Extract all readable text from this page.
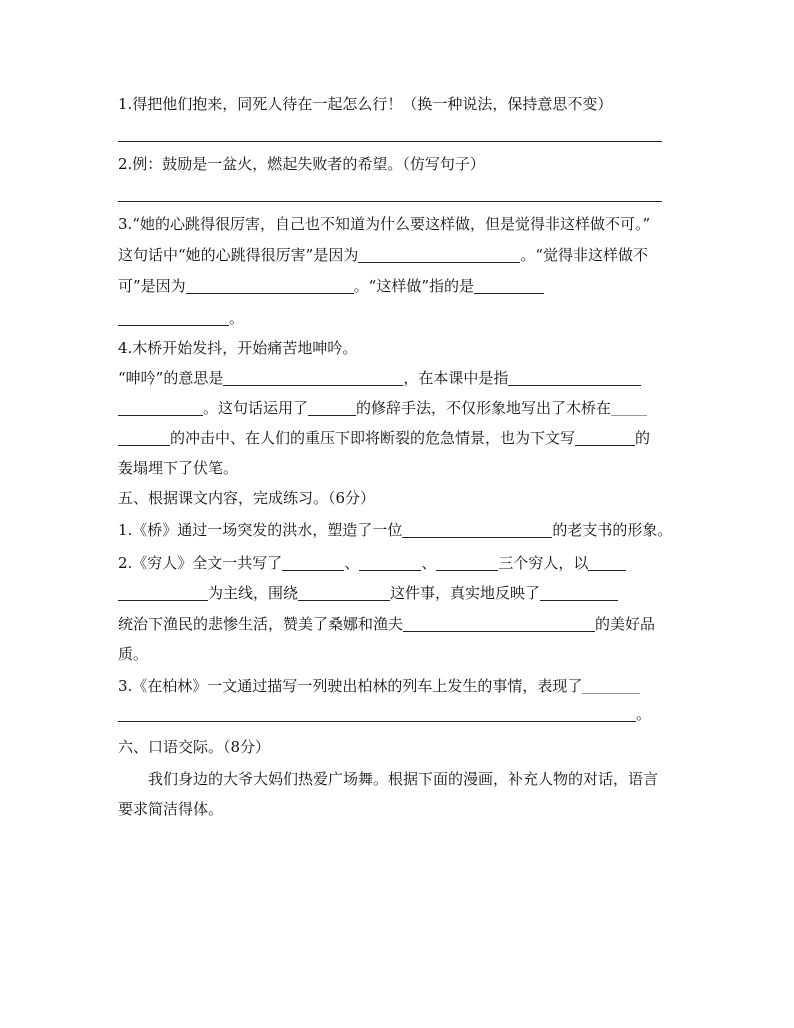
1.得把他们抱来，同死人待在一起怎么行！（换一种说法，保持意思不变）
2.例：鼓励是一盆火，燃起失败者的希望。（仿写句子）
3.“她的心跳得很厉害，自己也不知道为什么要这样做，但是觉得非这样做不可。”
这句话中“她的心跳得很厉害”是因为	。“觉得非这样做不
可”是因为	。“这样做”指的是
。
4.木桥开始发抖，开始痛苦地呻吟。
“呻吟”的意思是	，在本课中是指
。这句话运用了	的修辞手法，不仅形象地写出了木桥在
的冲击中、在人们的重压下即将断裂的危急情景，也为下文写	的
轰塌埋下了伏笔。
五、根据课文内容，完成练习。（6分）
1.《桥》通过一场突发的洪水，塑造了一位	的老支书的形象。
2.《穷人》全文一共写了	、	、	三个穷人，以
为主线，围绕	这件事，真实地反映了
统治下渔民的悲惨生活，赞美了桑娜和渔夫	的美好品
质。
3.《在柏林》一文通过描写一列驶出柏林的列车上发生的事情，表现了
。
六、口语交际。（8分）
我们身边的大爷大妈们热爱广场舞。根据下面的漫画，补充人物的对话，语言
要求简洁得体。
